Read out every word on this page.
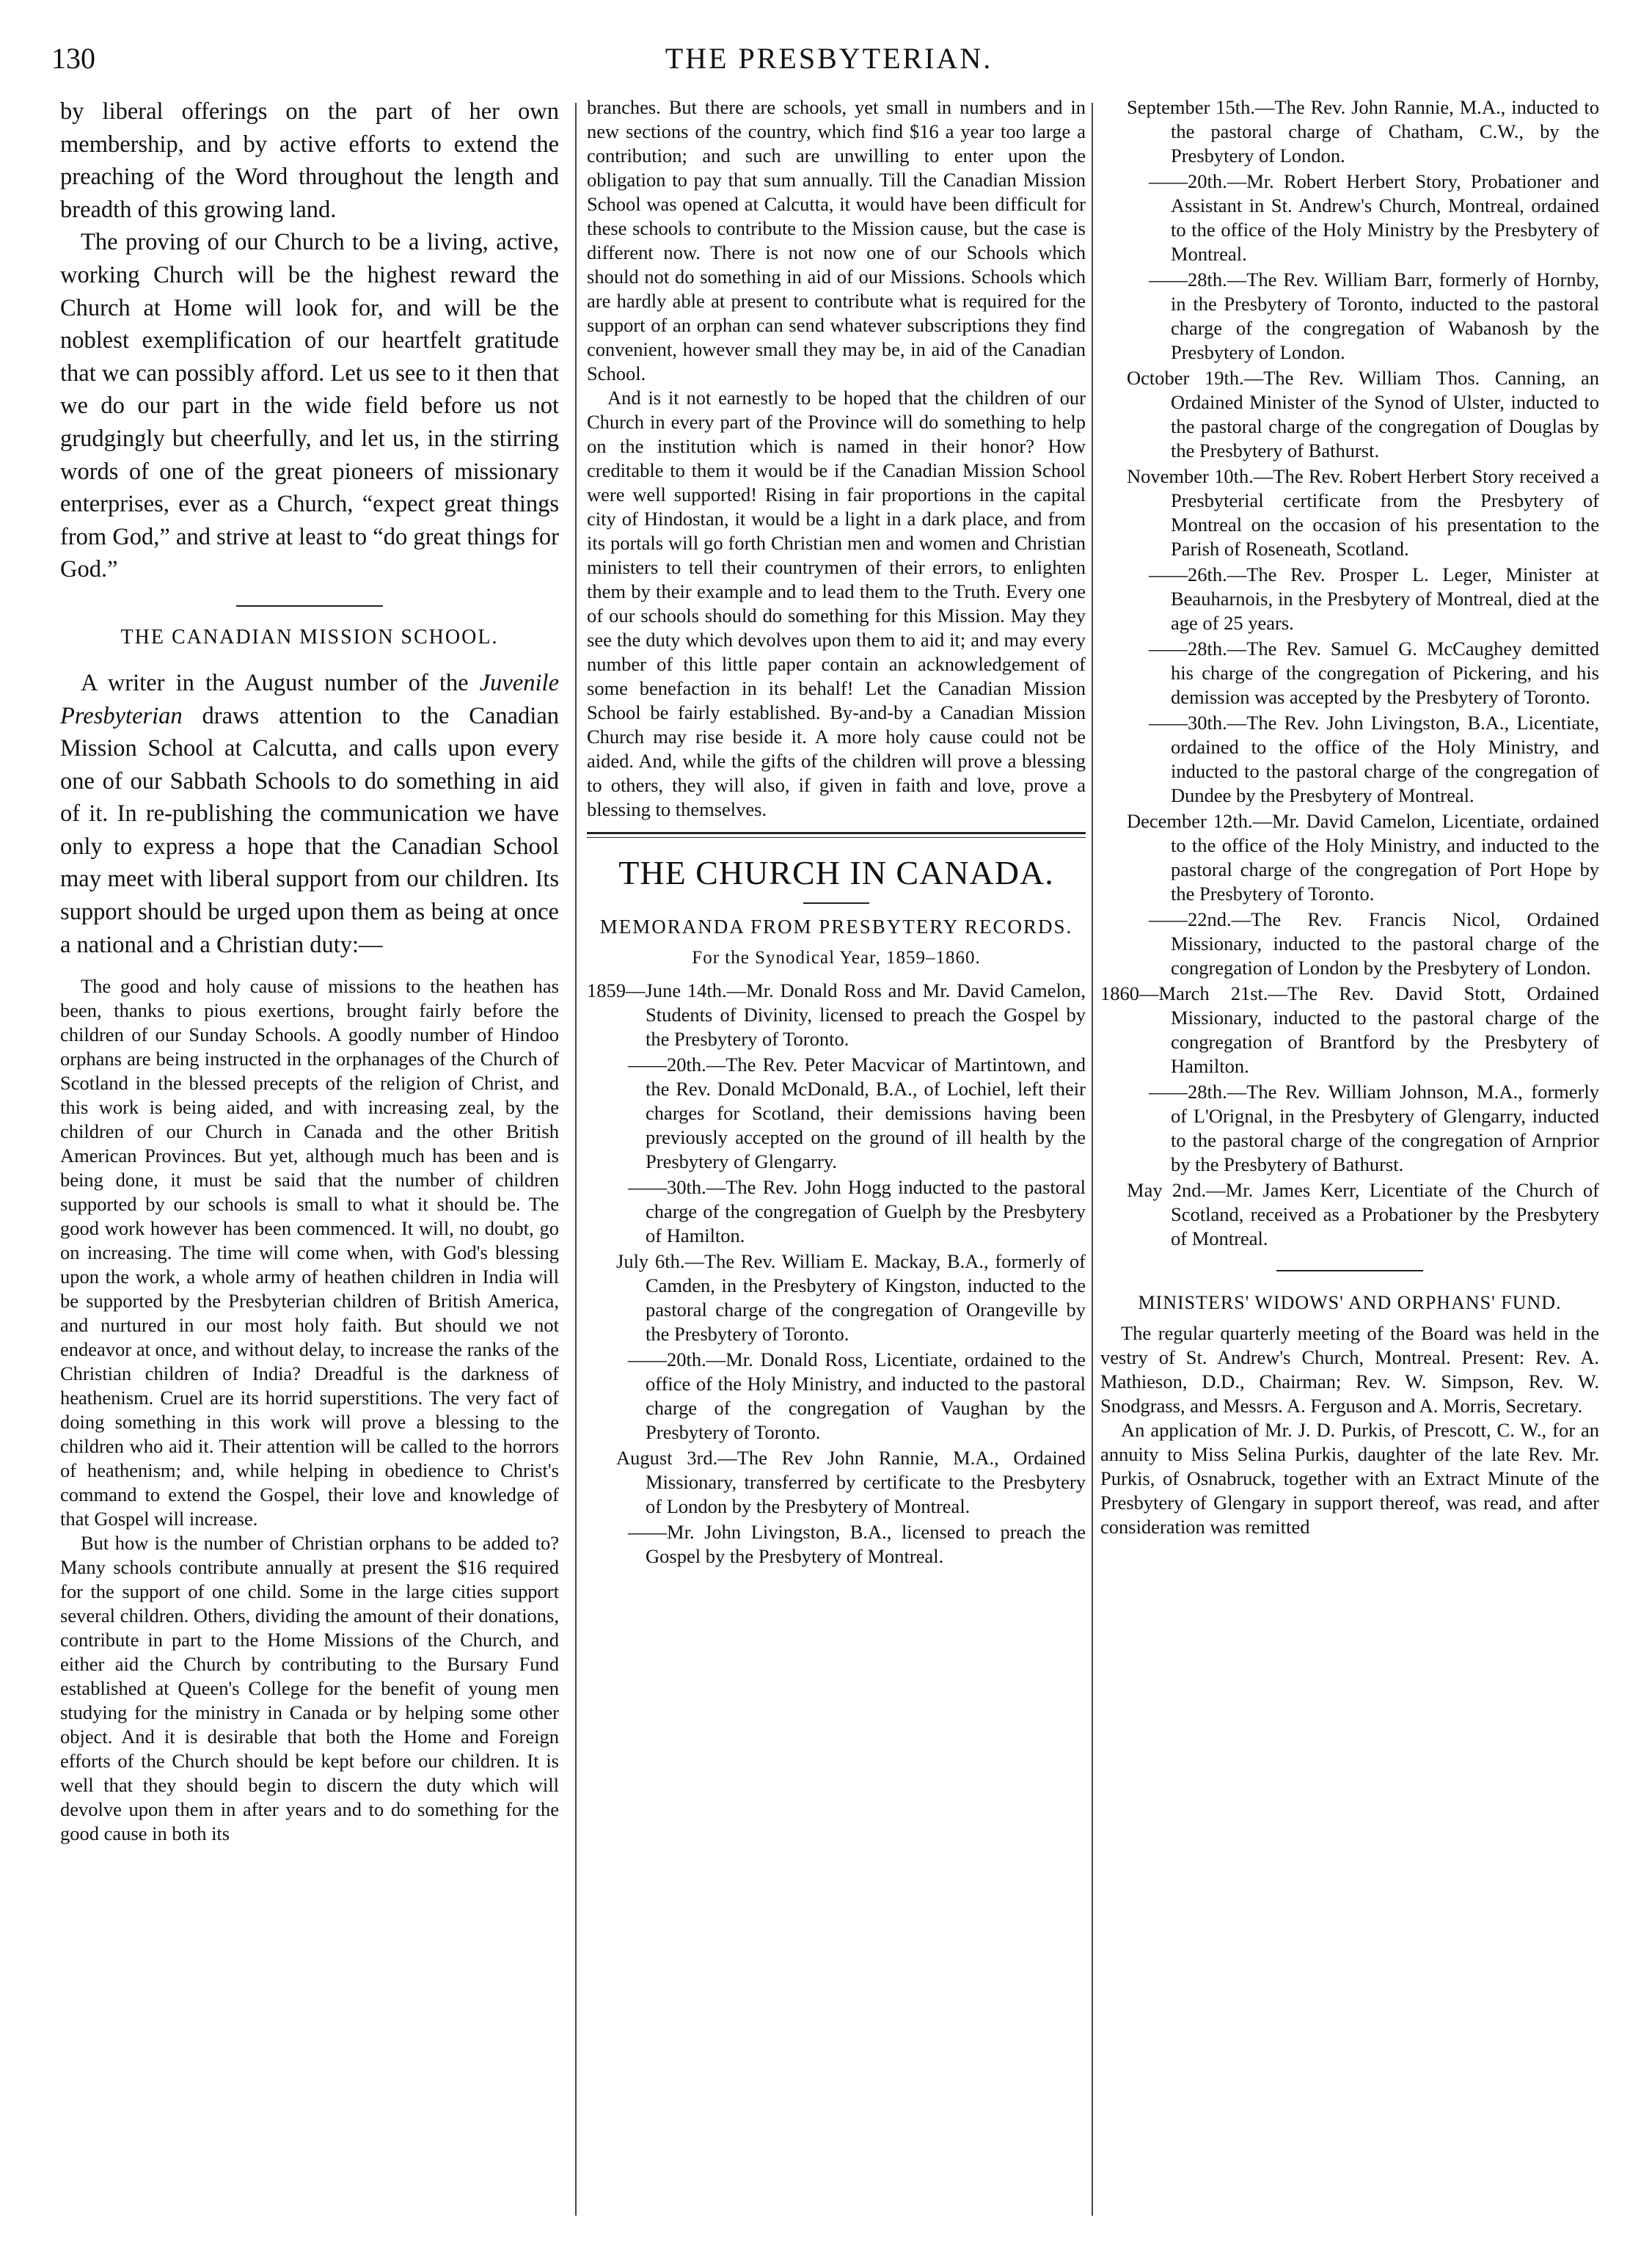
130	THE PRESBYTERIAN.

by liberal offerings on the part of her own membership, and by active efforts to extend the preaching of the Word throughout the length and breadth of this growing land.

The proving of our Church to be a living, active, working Church will be the highest reward the Church at Home will look for, and will be the noblest exemplification of our heartfelt gratitude that we can possibly afford. Let us see to it then that we do our part in the wide field before us not grudgingly but cheerfully, and let us, in the stirring words of one of the great pioneers of missionary enterprises, ever as a Church, “expect great things from God,” and strive at least to “do great things for God.”

THE CANADIAN MISSION SCHOOL.

A writer in the August number of the Juvenile Presbyterian draws attention to the Canadian Mission School at Calcutta, and calls upon every one of our Sabbath Schools to do something in aid of it. In re-publishing the communication we have only to express a hope that the Canadian School may meet with liberal support from our children. Its support should be urged upon them as being at once a national and a Christian duty:—

The good and holy cause of missions to the heathen has been, thanks to pious exertions, brought fairly before the children of our Sunday Schools. A goodly number of Hindoo orphans are being instructed in the orphanages of the Church of Scotland in the blessed precepts of the religion of Christ, and this work is being aided, and with increasing zeal, by the children of our Church in Canada and the other British American Provinces. But yet, although much has been and is being done, it must be said that the number of children supported by our schools is small to what it should be. The good work however has been commenced. It will, no doubt, go on increasing. The time will come when, with God's blessing upon the work, a whole army of heathen children in India will be supported by the Presbyterian children of British America, and nurtured in our most holy faith. But should we not endeavor at once, and without delay, to increase the ranks of the Christian children of India? Dreadful is the darkness of heathenism. Cruel are its horrid superstitions. The very fact of doing something in this work will prove a blessing to the children who aid it. Their attention will be called to the horrors of heathenism; and, while helping in obedience to Christ's command to extend the Gospel, their love and knowledge of that Gospel will increase.

But how is the number of Christian orphans to be added to? Many schools contribute annually at present the $16 required for the support of one child. Some in the large cities support several children. Others, dividing the amount of their donations, contribute in part to the Home Missions of the Church, and either aid the Church by contributing to the Bursary Fund established at Queen's College for the benefit of young men studying for the ministry in Canada or by helping some other object. And it is desirable that both the Home and Foreign efforts of the Church should be kept before our children. It is well that they should begin to discern the duty which will devolve upon them in after years and to do something for the good cause in both its

branches. But there are schools, yet small in numbers and in new sections of the country, which find $16 a year too large a contribution; and such are unwilling to enter upon the obligation to pay that sum annually. Till the Canadian Mission School was opened at Calcutta, it would have been difficult for these schools to contribute to the Mission cause, but the case is different now. There is not now one of our Schools which should not do something in aid of our Missions. Schools which are hardly able at present to contribute what is required for the support of an orphan can send whatever subscriptions they find convenient, however small they may be, in aid of the Canadian School.

And is it not earnestly to be hoped that the children of our Church in every part of the Province will do something to help on the institution which is named in their honor? How creditable to them it would be if the Canadian Mission School were well supported! Rising in fair proportions in the capital city of Hindostan, it would be a light in a dark place, and from its portals will go forth Christian men and women and Christian ministers to tell their countrymen of their errors, to enlighten them by their example and to lead them to the Truth. Every one of our schools should do something for this Mission. May they see the duty which devolves upon them to aid it; and may every number of this little paper contain an acknowledgement of some benefaction in its behalf! Let the Canadian Mission School be fairly established. By-and-by a Canadian Mission Church may rise beside it. A more holy cause could not be aided. And, while the gifts of the children will prove a blessing to others, they will also, if given in faith and love, prove a blessing to themselves.

THE CHURCH IN CANADA.
MEMORANDA FROM PRESBYTERY RECORDS.
For the Synodical Year, 1859–1860.

1859—June 14th.—Mr. Donald Ross and Mr. David Camelon, Students of Divinity, licensed to preach the Gospel by the Presbytery of Toronto.

——20th.—The Rev. Peter Macvicar of Martintown, and the Rev. Donald McDonald, B.A., of Lochiel, left their charges for Scotland, their demissions having been previously accepted on the ground of ill health by the Presbytery of Glengarry.

——30th.—The Rev. John Hogg inducted to the pastoral charge of the congregation of Guelph by the Presbytery of Hamilton.

July 6th.—The Rev. William E. Mackay, B.A., formerly of Camden, in the Presbytery of Kingston, inducted to the pastoral charge of the congregation of Orangeville by the Presbytery of Toronto.

——20th.—Mr. Donald Ross, Licentiate, ordained to the office of the Holy Ministry, and inducted to the pastoral charge of the congregation of Vaughan by the Presbytery of Toronto.

August 3rd.—The Rev John Rannie, M.A., Ordained Missionary, transferred by certificate to the Presbytery of London by the Presbytery of Montreal.

——Mr. John Livingston, B.A., licensed to preach the Gospel by the Presbytery of Montreal.

September 15th.—The Rev. John Rannie, M.A., inducted to the pastoral charge of Chatham, C.W., by the Presbytery of London.

——20th.—Mr. Robert Herbert Story, Probationer and Assistant in St. Andrew's Church, Montreal, ordained to the office of the Holy Ministry by the Presbytery of Montreal.

——28th.—The Rev. William Barr, formerly of Hornby, in the Presbytery of Toronto, inducted to the pastoral charge of the congregation of Wabanosh by the Presbytery of London.

October 19th.—The Rev. William Thos. Canning, an Ordained Minister of the Synod of Ulster, inducted to the pastoral charge of the congregation of Douglas by the Presbytery of Bathurst.

November 10th.—The Rev. Robert Herbert Story received a Presbyterial certificate from the Presbytery of Montreal on the occasion of his presentation to the Parish of Roseneath, Scotland.

——26th.—The Rev. Prosper L. Leger, Minister at Beauharnois, in the Presbytery of Montreal, died at the age of 25 years.

——28th.—The Rev. Samuel G. McCaughey demitted his charge of the congregation of Pickering, and his demission was accepted by the Presbytery of Toronto.

——30th.—The Rev. John Livingston, B.A., Licentiate, ordained to the office of the Holy Ministry, and inducted to the pastoral charge of the congregation of Dundee by the Presbytery of Montreal.

December 12th.—Mr. David Camelon, Licentiate, ordained to the office of the Holy Ministry, and inducted to the pastoral charge of the congregation of Port Hope by the Presbytery of Toronto.

——22nd.—The Rev. Francis Nicol, Ordained Missionary, inducted to the pastoral charge of the congregation of London by the Presbytery of London.

1860—March 21st.—The Rev. David Stott, Ordained Missionary, inducted to the pastoral charge of the congregation of Brantford by the Presbytery of Hamilton.

——28th.—The Rev. William Johnson, M.A., formerly of L'Orignal, in the Presbytery of Glengarry, inducted to the pastoral charge of the congregation of Arnprior by the Presbytery of Bathurst.

May 2nd.—Mr. James Kerr, Licentiate of the Church of Scotland, received as a Probationer by the Presbytery of Montreal.

MINISTERS' WIDOWS' AND ORPHANS' FUND.

The regular quarterly meeting of the Board was held in the vestry of St. Andrew's Church, Montreal. Present: Rev. A. Mathieson, D.D., Chairman; Rev. W. Simpson, Rev. W. Snodgrass, and Messrs. A. Ferguson and A. Morris, Secretary.

An application of Mr. J. D. Purkis, of Prescott, C. W., for an annuity to Miss Selina Purkis, daughter of the late Rev. Mr. Purkis, of Osnabruck, together with an Extract Minute of the Presbytery of Glengary in support thereof, was read, and after consideration was remitted
